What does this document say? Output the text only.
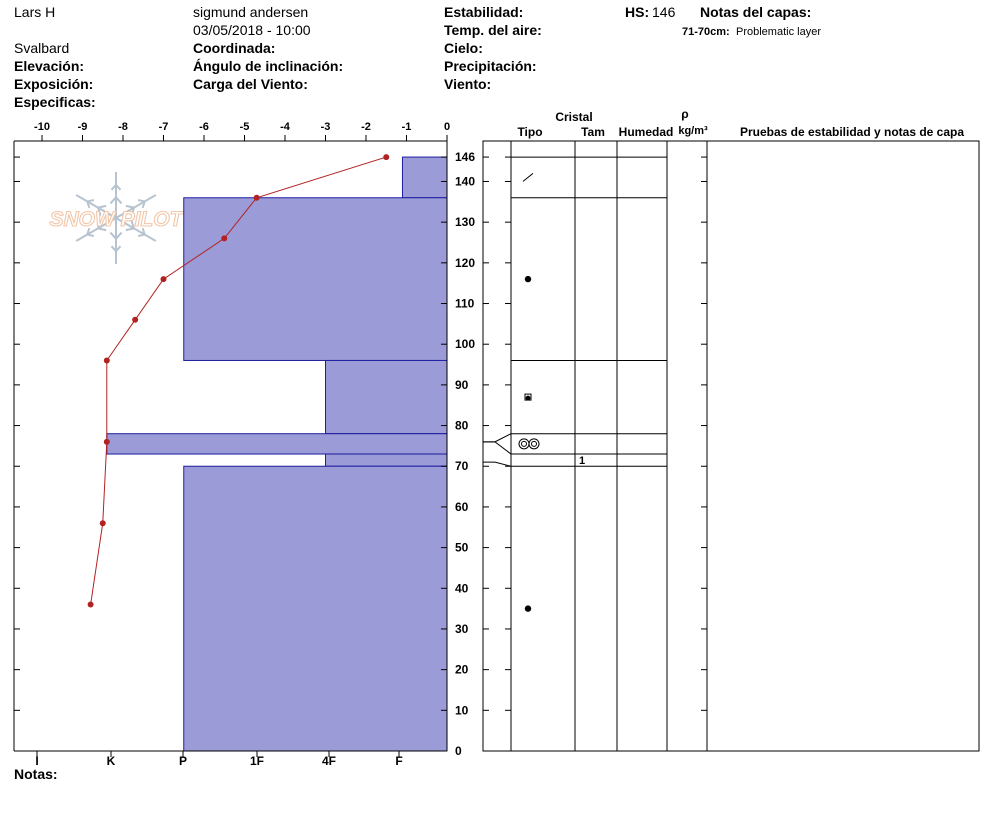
Lars H
Svalbard
Elevación:
Exposición:
Especificas:
sigmund andersen
03/05/2018 - 10:00
Coordinada:
Ángulo de inclinación:
Carga del Viento:
Estabilidad:
Temp. del aire:
Cielo:
Precipitación:
Viento:
HS: 146 Notas del capas:
71-70cm: Problematic layer
Notas:
SNOW PILOT
-10	-9	-8	-7	-6	-5	-4	-3	-2	-1	0
I	K	P	1F	4F	F
0
10
20
30
40
50
60
70
80
90
100
110
120
130
140
146
1
Cristal
Tipo	Tam Humedad
ρ
kg/m³	Pruebas de estabilidad y notas de capa
